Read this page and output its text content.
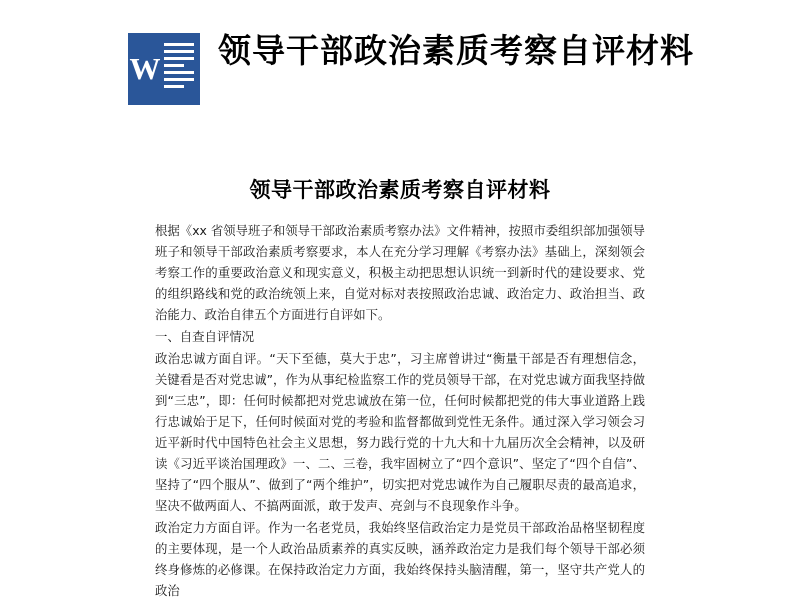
W 领导干部政治素质考察自评材料
领导干部政治素质考察自评材料

根据《xx 省领导班子和领导干部政治素质考察办法》文件精神，按照市委组织部加强领导班子和领导干部政治素质考察要求，本人在充分学习理解《考察办法》基础上，深刻领会考察工作的重要政治意义和现实意义，积极主动把思想认识统一到新时代的建设要求、党的组织路线和党的政治统领上来，自觉对标对表按照政治忠诚、政治定力、政治担当、政治能力、政治自律五个方面进行自评如下。

一、自查自评情况

政治忠诚方面自评。“天下至德，莫大于忠”，习主席曾讲过“衡量干部是否有理想信念，关键看是否对党忠诚”，作为从事纪检监察工作的党员领导干部，在对党忠诚方面我坚持做到“三忠”，即：任何时候都把对党忠诚放在第一位，任何时候都把党的伟大事业道路上践行忠诚始于足下，任何时候面对党的考验和监督都做到党性无条件。通过深入学习领会习近平新时代中国特色社会主义思想，努力践行党的十九大和十九届历次全会精神，以及研读《习近平谈治国理政》一、二、三卷，我牢固树立了“四个意识”、坚定了“四个自信”、坚持了“四个服从”、做到了“两个维护”，切实把对党忠诚作为自己履职尽责的最高追求，坚决不做两面人、不搞两面派，敢于发声、亮剑与不良现象作斗争。

政治定力方面自评。作为一名老党员，我始终坚信政治定力是党员干部政治品格坚韧程度的主要体现，是一个人政治品质素养的真实反映，涵养政治定力是我们每个领导干部必须终身修炼的必修课。在保持政治定力方面，我始终保持头脑清醒，第一，坚守共产党人的政治
